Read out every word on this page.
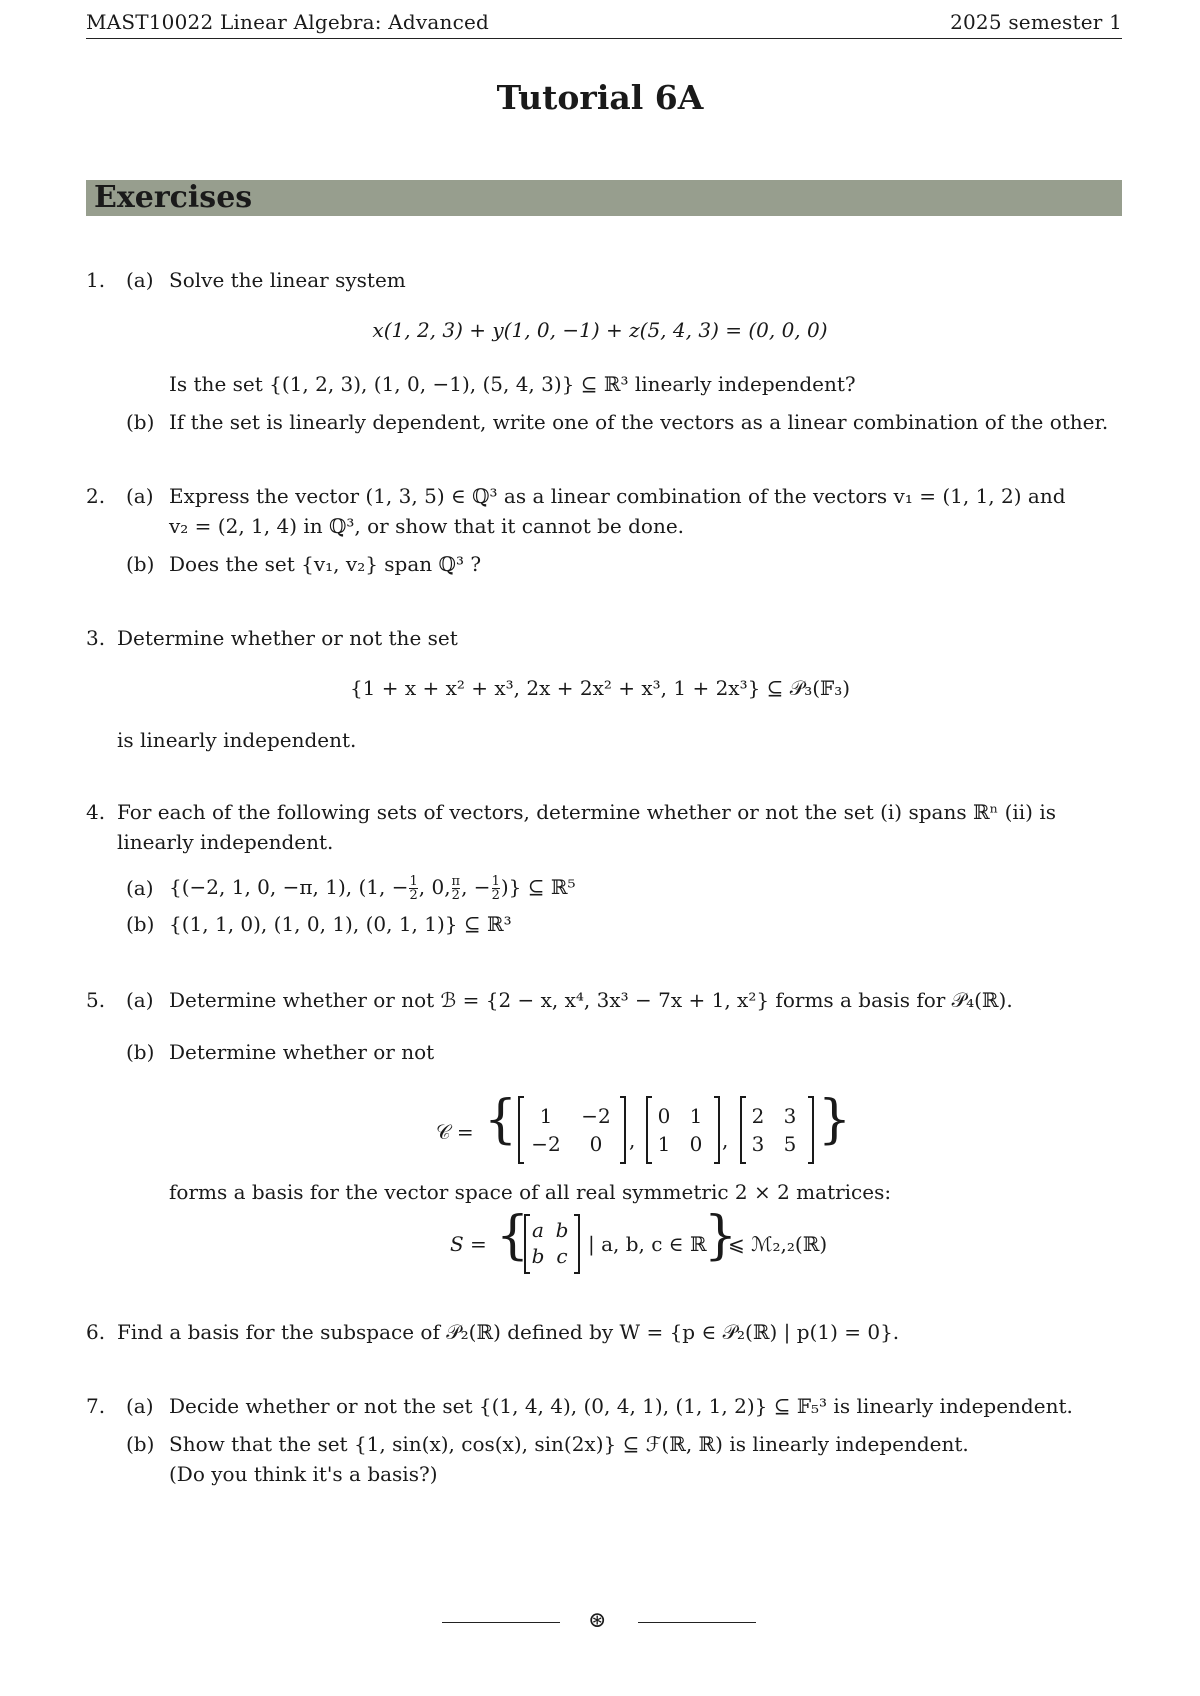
MAST10022 Linear Algebra: Advanced	2025 semester 1
Tutorial 6A
Exercises
1. (a) Solve the linear system
x(1, 2, 3) + y(1, 0, −1) + z(5, 4, 3) = (0, 0, 0)
Is the set {(1, 2, 3), (1, 0, −1), (5, 4, 3)} ⊆ ℝ³ linearly independent?
(b) If the set is linearly dependent, write one of the vectors as a linear combination of the other.
2. (a) Express the vector (1, 3, 5) ∈ ℚ³ as a linear combination of the vectors v₁ = (1, 1, 2) and
v₂ = (2, 1, 4) in ℚ³, or show that it cannot be done.
(b) Does the set {v₁, v₂} span ℚ³ ?
3. Determine whether or not the set
{1 + x + x² + x³, 2x + 2x² + x³, 1 + 2x³} ⊆ 𝒫₃(𝔽₃)
is linearly independent.
4. For each of the following sets of vectors, determine whether or not the set (i) spans ℝⁿ (ii) is
linearly independent.
(a) {(−2, 1, 0, −π, 1), (1, − $\frac{1}{2}$ , 0, $\frac{\pi}{2}$ , − $\frac{1}{2}$ )} ⊆ ℝ⁵
(b) {(1, 1, 0), (1, 0, 1), (0, 1, 1)} ⊆ ℝ³
5. (a) Determine whether or not ℬ = {2 − x, x⁴, 3x³ − 7x + 1, x²} forms a basis for 𝒫₄(ℝ).
(b) Determine whether or not
𝒞 = {	1	−2
−2	0	,
0 1
1 0 ,
2 3
3 5 }
forms a basis for the vector space of all real symmetric 2 × 2 matrices:
S = { a b
b c	| a, b, c ∈ ℝ
}
⩽ ℳ₂,₂(ℝ)
6. Find a basis for the subspace of 𝒫₂(ℝ) defined by W = {p ∈ 𝒫₂(ℝ) | p(1) = 0}.
7. (a) Decide whether or not the set {(1, 4, 4), (0, 4, 1), (1, 1, 2)} ⊆ 𝔽₅³ is linearly independent.
(b) Show that the set {1, sin(x), cos(x), sin(2x)} ⊆ ℱ(ℝ, ℝ) is linearly independent.
(Do you think it's a basis?)
⊛
